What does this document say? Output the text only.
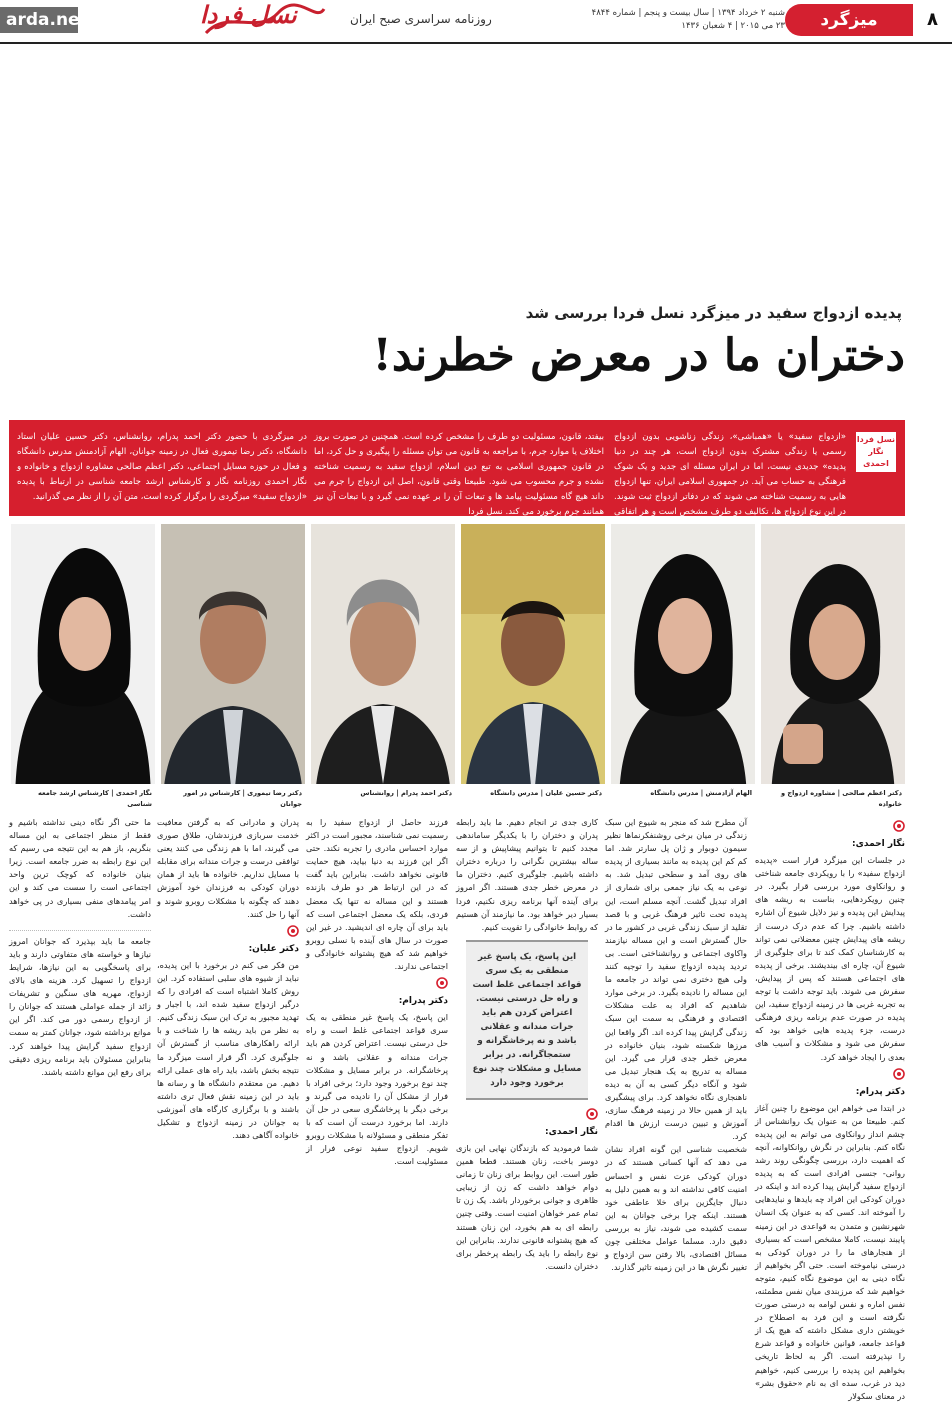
arda.net	نسل فردا	روزنامه سراسری صبح ایران	شنبه ۲ خرداد ۱۳۹۴ | سال بیست و پنجم | شماره ۴۸۴۴
۲۳ می ۲۰۱۵ | ۴ شعبان ۱۴۳۶	میزگرد	۸
پدیده ازدواج سفید در میزگرد نسل فردا بررسی شد
دختران ما در معرض خطرند!
نسل فردا
نگار احمدی
«ازدواج سفید» یا «همباشی»، زندگی زناشویی بدون ازدواج رسمی یا زندگی مشترک بدون ازدواج است، هر چند در دنیا پدیده» جدیدی نیست، اما در ایران مسئله ای جدید و یک شوک فرهنگی به حساب می آید. در جمهوری اسلامی ایران، تنها ازدواج هایی به رسمیت شناخته می شوند که در دفاتر ازدواج ثبت شوند. در این نوع ازدواج ها، تکالیف دو طرف مشخص است و هر اتفاقی
بیفتد، قانون، مسئولیت دو طرف را مشخص کرده است. همچنین در صورت بروز اختلاف یا موارد جرم، با مراجعه به قانون می توان مسئله را پیگیری و حل کرد، اما در قانون جمهوری اسلامی به تبع دین اسلام، ازدواج سفید به رسمیت شناخته نشده و جرم محسوب می شود. طبیعتا وقتی قانون، اصل این ازدواج را جرم می داند هیچ گاه مسئولیت پیامد ها و تبعات آن را بر عهده نمی گیرد و با تبعات آن نیز همانند جرم برخورد می کند. نسل فردا
در میزگردی با حضور دکتر احمد پدرام، روانشناس، دکتر حسین علیان استاد دانشگاه، دکتر رضا تیموری فعال در زمینه جوانان، الهام آزادمنش مدرس دانشگاه و فعال در حوزه مسایل اجتماعی، دکتر اعظم صالحی مشاوره ازدواج و خانواده و نگار احمدی روزنامه نگار و کارشناس ارشد جامعه شناسی در ارتباط با پدیده «ازدواج سفید» میزگردی را برگزار کرده است، متن آن را از نظر می گذرانید.
دکتر اعظم صالحی | مشاوره ازدواج و خانواده
الهام آزادمنش | مدرس دانشگاه
دکتر حسین علیان | مدرس دانشگاه
دکتر احمد پدرام | روانشناس
دکتر رضا تیموری | کارشناس در امور جوانان
نگار احمدی | کارشناس ارشد جامعه شناسی
نگار احمدی:

در جلسات این میزگرد قرار است «پدیده ازدواج سفید» را با رویکردی جامعه شناختی و روانکاوی مورد بررسی قرار بگیرد. در چنین رویکردهایی، بناست به ریشه های پیدایش این پدیده و نیز دلایل شیوع آن اشاره داشته باشیم. چرا که عدم درک درست از ریشه های پیدایش چنین معضلاتی نمی تواند به کارشناسان کمک کند تا برای جلوگیری از شیوع آن، چاره ای بیندیشند. برخی از پدیده های اجتماعی هستند که پس از پیدایش، سفرش می شوند. باید توجه داشت با توجه به تجربه غربی ها در زمینه ازدواج سفید، این پدیده در صورت عدم برنامه ریزی فرهنگی درست، جزء پدیده هایی خواهد بود که سفرش می شود و مشکلات و آسیب های بعدی را ایجاد خواهد کرد.

دکتر پدرام:

در ابتدا می خواهم این موضوع را چنین آغاز کنم. طبیعتا من به عنوان یک روانشناس از چشم انداز روانکاوی می توانم به این پدیده نگاه کنم. بنابراین در نگرش روانکاوانه، آنچه که اهمیت دارد، بررسی چگونگی روند رشد روانی- جنسی افرادی است که به پدیده ازدواج سفید گرایش پیدا کرده اند و اینکه در دوران کودکی این افراد چه بایدها و نبایدهایی را آموخته اند. کسی که به عنوان یک انسان شهرنشین و متمدن به قواعدی در این زمینه پایبند نیست، کاملا مشخص است که بسیاری از هنجارهای ما را در دوران کودکی به درستی نیاموخته است. حتی اگر بخواهیم از نگاه دینی به این موضوع نگاه کنیم، متوجه خواهیم شد که مرزبندی میان نفس مطمئنه، نفس اماره و نفس لوامه به درستی صورت نگرفته است و این فرد به اصطلاح در خویشتن داری مشکل داشته که هیچ یک از قواعد جامعه، قوانین خانواده و قواعد شرع را نپذیرفته است. اگر به لحاظ تاریخی بخواهیم این پدیده را بررسی کنیم، خواهیم دید در غرب، سده ای به نام «حقوق بشر» در معنای سکولار

آن مطرح شد که منجر به شیوع این سبک زندگی در میان برخی روشنفکرنماها نظیر سیمون دوبوار و ژان پل سارتر شد. اما کم کم این پدیده به مانند بسیاری از پدیده های روی آمد و سطحی تبدیل شد. به نوعی به یک نیاز جمعی برای شماری از افراد تبدیل گشت. آنچه مسلم است، این پدیده تحت تاثیر فرهنگ غربی و با قصد تقلید از سبک زندگی غربی در کشور ما در حال گسترش است و این مساله نیازمند واکاوی اجتماعی و روانشناختی است. بی تردید پدیده ازدواج سفید را توجیه کنند ولی هیچ دختری نمی تواند در جامعه ما این مساله را نادیده بگیرد. در برخی موارد شاهدیم که افراد به علت مشکلات اقتصادی و فرهنگی به سمت این سبک زندگی گرایش پیدا کرده اند. اگر واقعا این مرزها شکسته شود، بنیان خانواده در معرض خطر جدی قرار می گیرد. این مساله به تدریج به یک هنجار تبدیل می شود و آنگاه دیگر کسی به آن به دیده ناهنجاری نگاه نخواهد کرد. برای پیشگیری باید از همین حالا در زمینه فرهنگ سازی، آموزش و تبیین درست ارزش ها اقدام کرد.

شخصیت شناسی این گونه افراد نشان می دهد که آنها کسانی هستند که در دوران کودکی عزت نفس و احساس امنیت کافی نداشته اند و به همین دلیل به دنبال جایگزین برای خلا عاطفی خود هستند. اینکه چرا برخی جوانان به این سمت کشیده می شوند، نیاز به بررسی دقیق دارد. مسلما عوامل مختلفی چون مسائل اقتصادی، بالا رفتن سن ازدواج و تغییر نگرش ها در این زمینه تاثیر گذارند.

کاری جدی تر انجام دهیم. ما باید رابطه پدران و دختران را با یکدیگر ساماندهی مجدد کنیم تا بتوانیم پیشاپیش و از سه ساله بیشترین نگرانی را درباره دختران داشته باشیم. جلوگیری کنیم. دختران ما در معرض خطر جدی هستند. اگر امروز برای آینده آنها برنامه ریزی نکنیم، فردا بسیار دیر خواهد بود. ما نیازمند آن هستیم که روابط خانوادگی را تقویت کنیم.

این پاسخ، یک پاسخ غیر منطقی به یک سری قواعد اجتماعی غلط است و راه حل درستی نیست. اعتراض کردن هم باید جرات مندانه و عقلانی باشد و نه پرخاشگرانه و ستمجاگرانه. در برابر مسایل و مشکلات چند نوع برخورد وجود دارد
نگار احمدی:

شما فرمودید که بازندگان نهایی این بازی دوسر باخت، زنان هستند. قطعا همین طور است. این روابط برای زنان تا زمانی دوام خواهد داشت که زن از زیبایی ظاهری و جوانی برخوردار باشد. یک زن تا تمام عمر خواهان امنیت است. وقتی چنین رابطه ای به هم بخورد، این زنان هستند که هیچ پشتوانه قانونی ندارند. بنابراین این نوع رابطه را باید یک رابطه پرخطر برای دختران دانست.

فرزند حاصل از ازدواج سفید را به رسمیت نمی شناسند، مجبور است در اکثر موارد احساس مادری را تجربه نکند. حتی اگر این فرزند به دنیا بیاید، هیچ حمایت قانونی نخواهد داشت. بنابراین باید گفت که در این ارتباط هر دو طرف بازنده هستند و این مساله نه تنها یک معضل فردی، بلکه یک معضل اجتماعی است که باید برای آن چاره ای اندیشید. در غیر این صورت در سال های آینده با نسلی روبرو خواهیم شد که هیچ پشتوانه خانوادگی و اجتماعی ندارند.

دکتر پدرام:

این پاسخ، یک پاسخ غیر منطقی به یک سری قواعد اجتماعی غلط است و راه حل درستی نیست. اعتراض کردن هم باید جرات مندانه و عقلانی باشد و نه پرخاشگرانه. در برابر مسایل و مشکلات چند نوع برخورد وجود دارد؛ برخی افراد با فرار از مشکل آن را نادیده می گیرند و برخی دیگر با پرخاشگری سعی در حل آن دارند. اما برخورد درست آن است که با تفکر منطقی و مسئولانه با مشکلات روبرو شویم. ازدواج سفید نوعی فرار از مسئولیت است.

پدران و مادرانی که به گرفتن معافیت خدمت سربازی فرزندشان، طلاق صوری می گیرند، اما با هم زندگی می کنند یعنی توافقی درست و جرات مندانه برای مقابله با مسایل نداریم. خانواده ها باید از همان دوران کودکی به فرزندان خود آموزش دهند که چگونه با مشکلات روبرو شوند و آنها را حل کنند.

دکتر علیان:

من فکر می کنم در برخورد با این پدیده، نباید از شیوه های سلبی استفاده کرد. این روش کاملا اشتباه است که افرادی را که درگیر ازدواج سفید شده اند، با اجبار و تهدید مجبور به ترک این سبک زندگی کنیم. به نظر من باید ریشه ها را شناخت و با ارائه راهکارهای مناسب از گسترش آن جلوگیری کرد. اگر قرار است میزگرد ما نتیجه بخش باشد، باید راه های عملی ارائه دهیم. من معتقدم دانشگاه ها و رسانه ها باید در این زمینه نقش فعال تری داشته باشند و با برگزاری کارگاه های آموزشی به جوانان در زمینه ازدواج و تشکیل خانواده آگاهی دهند.

ما حتی اگر نگاه دینی نداشته باشیم و فقط از منظر اجتماعی به این مساله بنگریم، باز هم به این نتیجه می رسیم که این نوع رابطه به ضرر جامعه است. زیرا بنیان خانواده که کوچک ترین واحد اجتماعی است را سست می کند و این امر پیامدهای منفی بسیاری در پی خواهد داشت.

جامعه ما باید بپذیرد که جوانان امروز نیازها و خواسته های متفاوتی دارند و باید برای پاسخگویی به این نیازها، شرایط ازدواج را تسهیل کرد. هزینه های بالای ازدواج، مهریه های سنگین و تشریفات زائد از جمله عواملی هستند که جوانان را از ازدواج رسمی دور می کند. اگر این موانع برداشته شود، جوانان کمتر به سمت ازدواج سفید گرایش پیدا خواهند کرد. بنابراین مسئولان باید برنامه ریزی دقیقی برای رفع این موانع داشته باشند.
